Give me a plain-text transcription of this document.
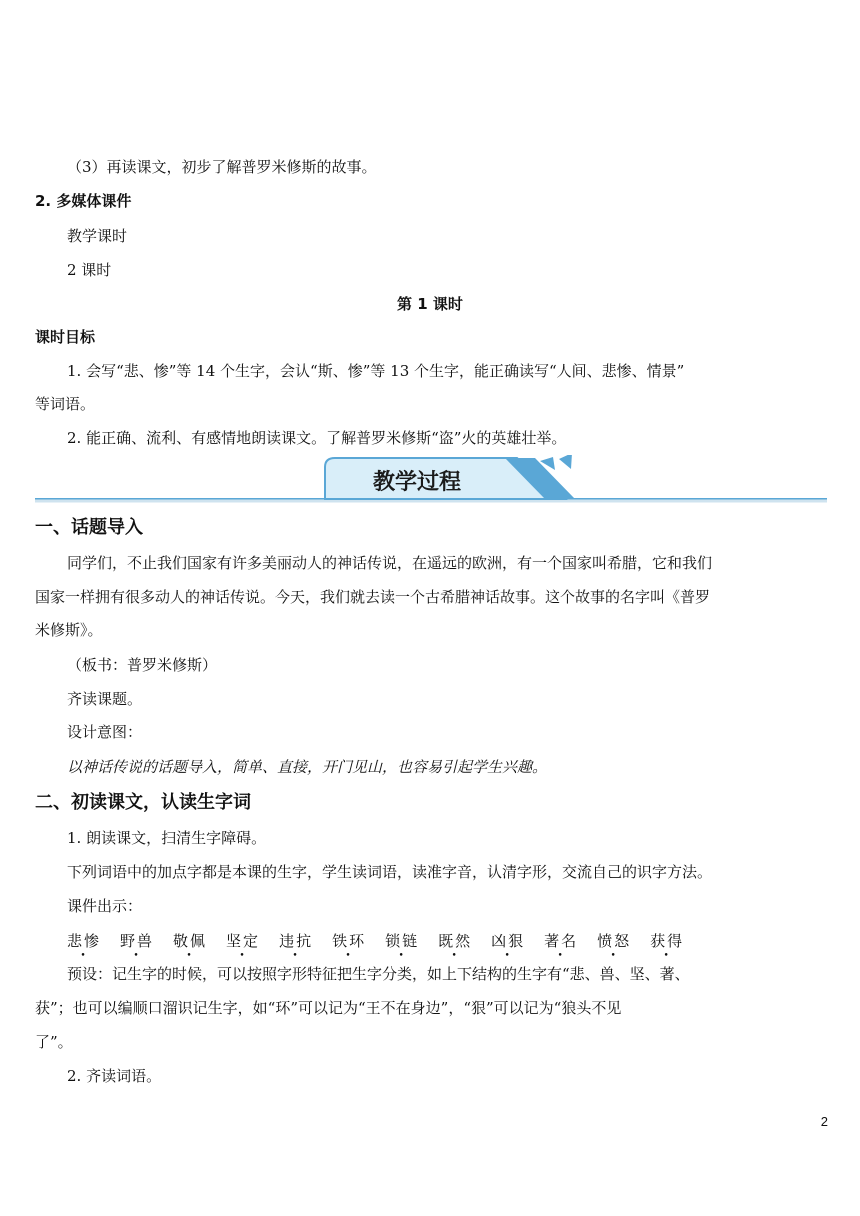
（3）再读课文，初步了解普罗米修斯的故事。

2. 多媒体课件

教学课时

2 课时

第 1 课时

课时目标

1. 会写“悲、惨”等 14 个生字，会认“斯、惨”等 13 个生字，能正确读写“人间、悲惨、情景”

等词语。

2. 能正确、流利、有感情地朗读课文。了解普罗米修斯“盗”火的英雄壮举。

教学过程

一、话题导入

同学们，不止我们国家有许多美丽动人的神话传说，在遥远的欧洲，有一个国家叫希腊，它和我们

国家一样拥有很多动人的神话传说。今天，我们就去读一个古希腊神话故事。这个故事的名字叫《普罗

米修斯》。

（板书：普罗米修斯）

齐读课题。

设计意图：

以神话传说的话题导入，简单、直接，开门见山，也容易引起学生兴趣。

二、初读课文，认读生字词

1. 朗读课文，扫清生字障碍。

下列词语中的加点字都是本课的生字，学生读词语，读准字音，认清字形，交流自己的识字方法。

课件出示：

悲惨 • 野兽 • 敬佩 • 坚定 • 违抗 • 铁环 • 锁链 • 既然 • 凶狠 • 著名 • 愤怒 • 获得 •

预设：记生字的时候，可以按照字形特征把生字分类，如上下结构的生字有“悲、兽、坚、著、

获”；也可以编顺口溜识记生字，如“环”可以记为“王不在身边”，“狠”可以记为“狼头不见

了”。

2. 齐读词语。

2
